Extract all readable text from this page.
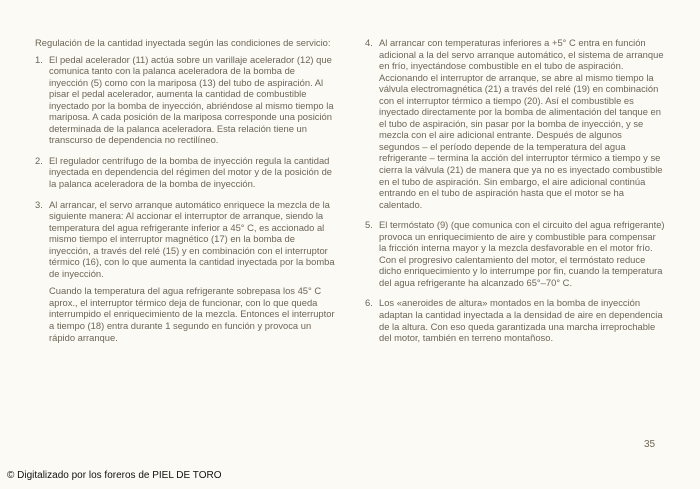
Regulación de la cantidad inyectada según las condiciones de servicio:

1. El pedal acelerador (11) actúa sobre un varillaje acelerador (12) que comunica tanto con la palanca aceleradora de la bomba de inyección (5) como con la mariposa (13) del tubo de aspiración. Al pisar el pedal acelerador, aumenta la cantidad de combustible inyectado por la bomba de inyección, abriéndose al mismo tiempo la mariposa. A cada posición de la mariposa corresponde una posición determinada de la palanca aceleradora. Esta relación tiene un transcurso de dependencia no rectilíneo.

2. El regulador centrífugo de la bomba de inyección regula la cantidad inyectada en dependencia del régimen del motor y de la posición de la palanca aceleradora de la bomba de inyección.

3. Al arrancar, el servo arranque automático enriquece la mezcla de la siguiente manera: Al accionar el interruptor de arranque, siendo la temperatura del agua refrigerante inferior a 45° C, es accionado al mismo tiempo el interruptor magnético (17) en la bomba de inyección, a través del relé (15) y en combinación con el interruptor térmico (16), con lo que aumenta la cantidad inyectada por la bomba de inyección.

Cuando la temperatura del agua refrigerante sobrepasa los 45° C aprox., el interruptor térmico deja de funcionar, con lo que queda interrumpido el enriquecimiento de la mezcla. Entonces el interruptor a tiempo (18) entra durante 1 segundo en función y provoca un rápido arranque.

4. Al arrancar con temperaturas inferiores a +5° C entra en función adicional a la del servo arranque automático, el sistema de arranque en frío, inyectándose combustible en el tubo de aspiración. Accionando el interruptor de arranque, se abre al mismo tiempo la válvula electromagnética (21) a través del relé (19) en combinación con el interruptor térmico a tiempo (20). Así el combustible es inyectado directamente por la bomba de alimentación del tanque en el tubo de aspiración, sin pasar por la bomba de inyección, y se mezcla con el aire adicional entrante. Después de algunos segundos – el período depende de la temperatura del agua refrigerante – termina la acción del interruptor térmico a tiempo y se cierra la válvula (21) de manera que ya no es inyectado combustible en el tubo de aspiración. Sin embargo, el aire adicional continúa entrando en el tubo de aspiración hasta que el motor se ha calentado.

5. El termóstato (9) (que comunica con el circuito del agua refrigerante) provoca un enriquecimiento de aire y combustible para compensar la fricción interna mayor y la mezcla desfavorable en el motor frío. Con el progresivo calentamiento del motor, el termóstato reduce dicho enriquecimiento y lo interrumpe por fin, cuando la temperatura del agua refrigerante ha alcanzado 65°–70° C.

6. Los «aneroides de altura» montados en la bomba de inyección adaptan la cantidad inyectada a la densidad de aire en dependencia de la altura. Con eso queda garantizada una marcha irreprochable del motor, también en terreno montañoso.

35
© Digitalizado por los foreros de PIEL DE TORO
